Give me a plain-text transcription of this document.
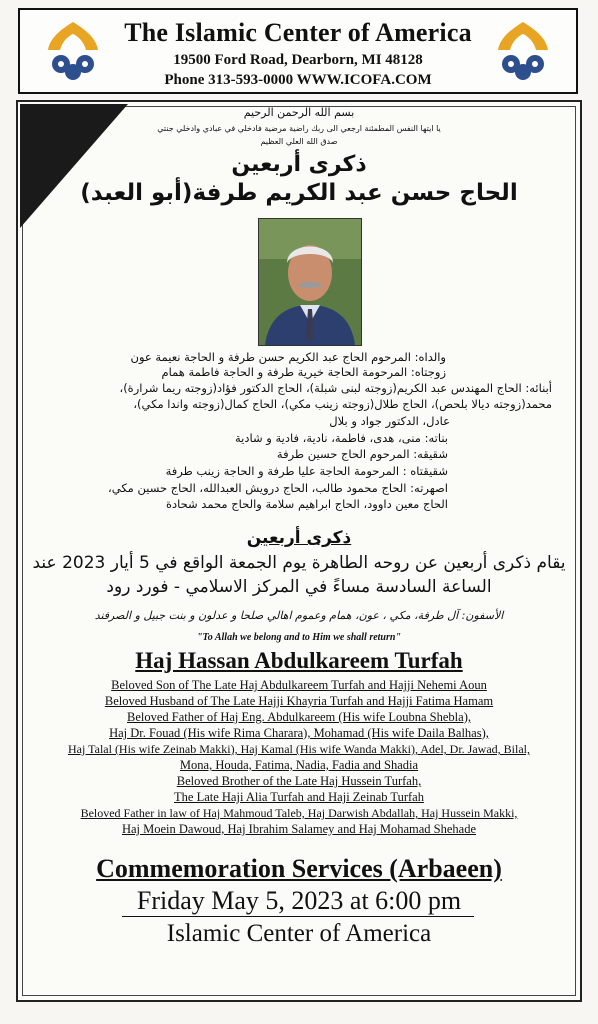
The Islamic Center of America
19500 Ford Road, Dearborn, MI 48128
Phone 313-593-0000 WWW.ICOFA.COM
بسم الله الرحمن الرحيم
يا ايتها النفس المطمئنة ارجعي الى ربك راضية مرضية فادخلي في عبادي وادخلي جنتي
صدق الله العلي العظيم
ذكرى أربعين
الحاج حسن عبد الكريم طرفة(أبو العبد)
والداه: المرحوم الحاج عبد الكريم حسن طرفة و الحاجة نعيمة عون
زوجتاه: المرحومة الحاجة خيرية طرفة و الحاجة فاطمة همام
أبنائه: الحاج المهندس عبد الكريم(زوجته لبنى شبلة)، الحاج الدكتور فؤاد(زوجته ريما شرارة)،
محمد(زوجته ديالا بلحص)، الحاج طلال(زوجته زينب مكي)، الحاج كمال(زوجته واندا مكي)،
عادل، الدكتور جواد و بلال
بناته: منى، هدى، فاطمة، نادية، فادية و شادية
شقيقه: المرحوم الحاج حسين طرفة
شقيقتاه : المرحومة الحاجة عليا طرفة و الحاجة زينب طرفة
اصهرته: الحاج محمود طالب، الحاج درويش العبدالله، الحاج حسين مكي،
الحاج معين داوود، الحاج ابراهيم سلامة والحاج محمد شحادة
ذكرى أربعين
يقام ذكرى أربعين عن روحه الطاهرة يوم الجمعة الواقع في 5 أيار 2023 عند
الساعة السادسة مساءً في المركز الاسلامي - فورد رود
الأسفون: آل طرفة، مكي ، عون، همام وعموم اهالي صلحا و عدلون و بنت جبيل و الصرفند
"To Allah we belong and to Him we shall return"
Haj Hassan Abdulkareem Turfah
Beloved Son of The Late Haj Abdulkareem Turfah and Hajji Nehemi Aoun
Beloved Husband of The Late Hajji Khayria Turfah and Hajji Fatima Hamam
Beloved Father of Haj Eng. Abdulkareem (His wife Loubna Shebla),
Haj Dr. Fouad (His wife Rima Charara), Mohamad (His wife Daila Balhas),
Haj Talal (His wife Zeinab Makki), Haj Kamal (His wife Wanda Makki), Adel, Dr. Jawad, Bilal,
Mona, Houda, Fatima, Nadia, Fadia and Shadia
Beloved Brother of the Late Haj Hussein Turfah,
The Late Haji Alia Turfah and Haji Zeinab Turfah
Beloved Father in law of Haj Mahmoud Taleb, Haj Darwish Abdallah, Haj Hussein Makki,
Haj Moein Dawoud, Haj Ibrahim Salamey and Haj Mohamad Shehade
Commemoration Services (Arbaeen)
Friday May 5, 2023 at 6:00 pm
Islamic Center of America
